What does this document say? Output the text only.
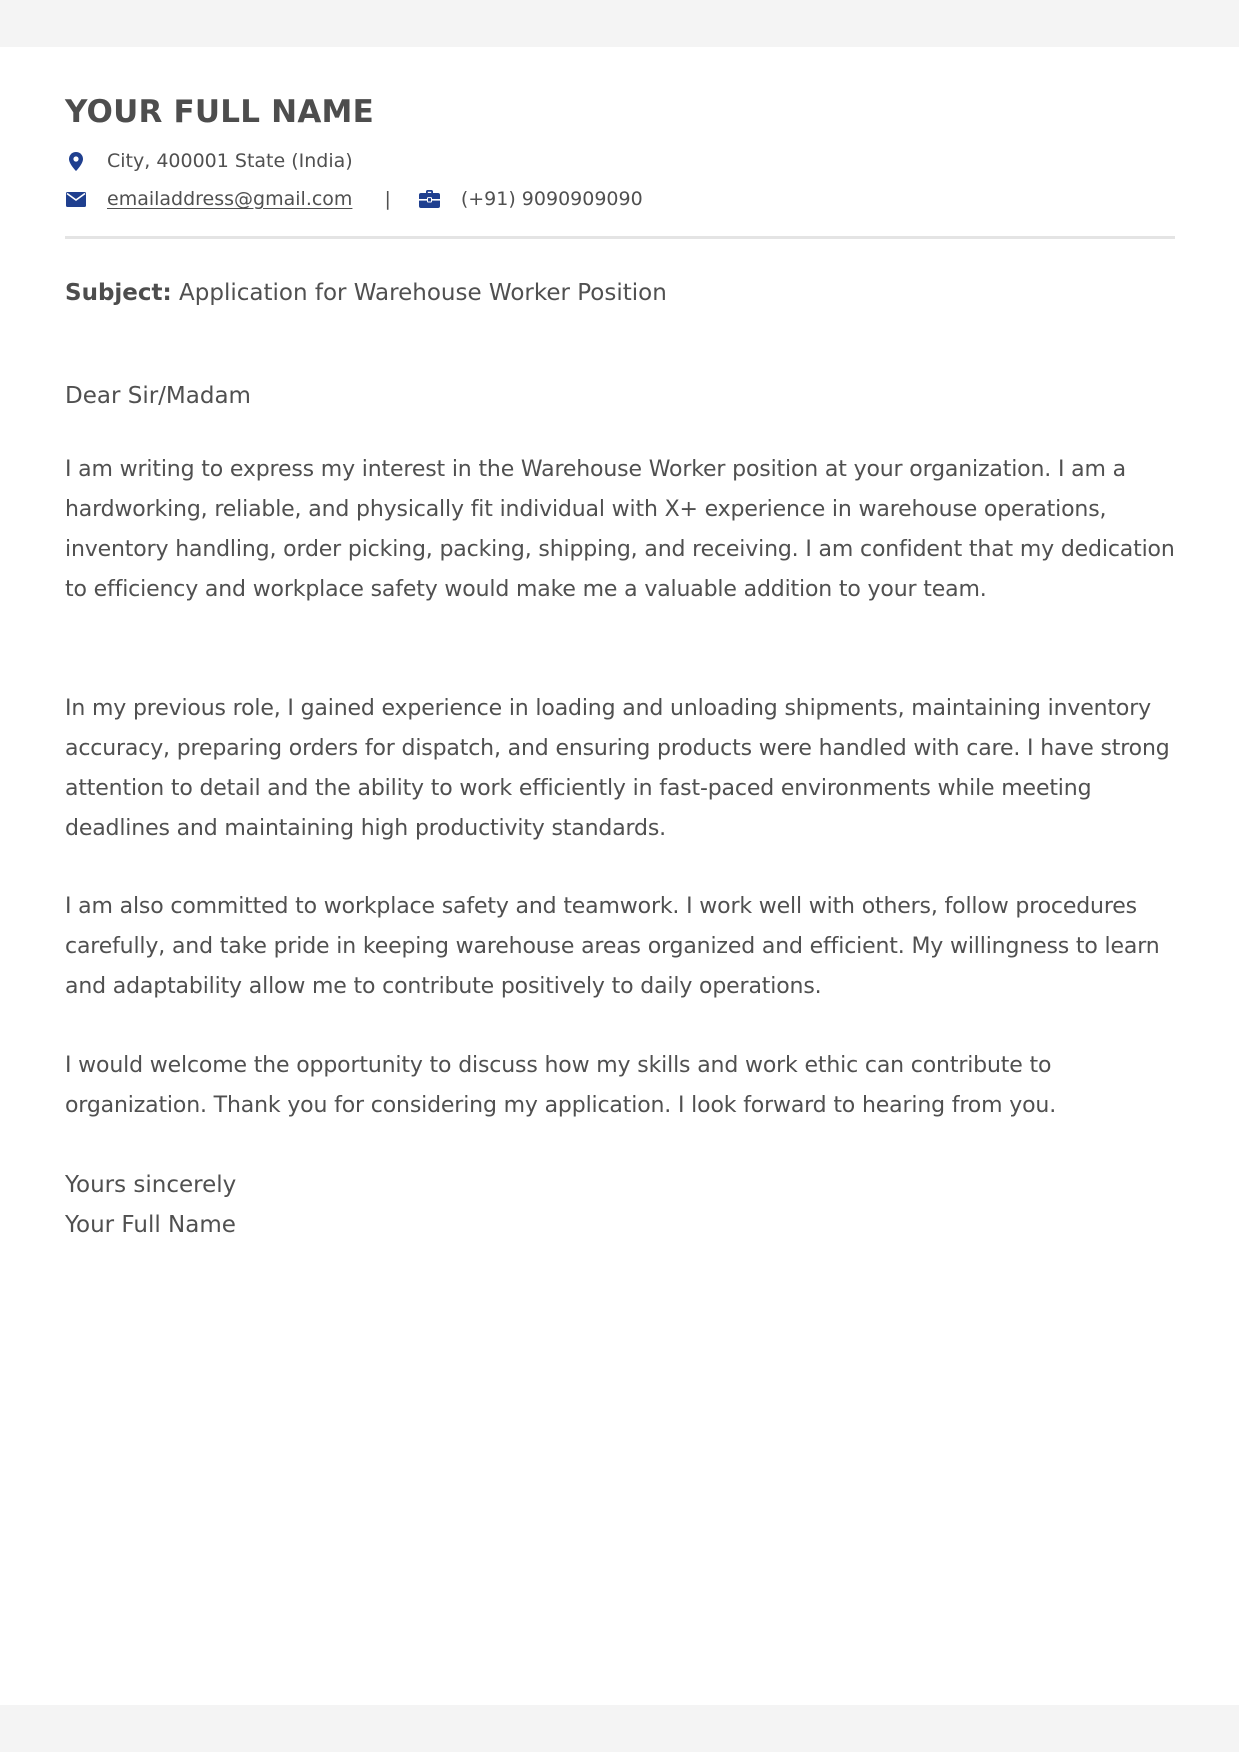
YOUR FULL NAME
City, 400001 State (India)
emailaddress@gmail.com |	(+91) 9090909090

Subject: Application for Warehouse Worker Position

Dear Sir/Madam

I am writing to express my interest in the Warehouse Worker position at your organization. I am a hardworking, reliable, and physically fit individual with X+ experience in warehouse operations, inventory handling, order picking, packing, shipping, and receiving. I am confident that my dedication to efficiency and workplace safety would make me a valuable addition to your team.

In my previous role, I gained experience in loading and unloading shipments, maintaining inventory accuracy, preparing orders for dispatch, and ensuring products were handled with care. I have strong attention to detail and the ability to work efficiently in fast-paced environments while meeting deadlines and maintaining high productivity standards.

I am also committed to workplace safety and teamwork. I work well with others, follow procedures carefully, and take pride in keeping warehouse areas organized and efficient. My willingness to learn and adaptability allow me to contribute positively to daily operations.

I would welcome the opportunity to discuss how my skills and work ethic can contribute to organization. Thank you for considering my application. I look forward to hearing from you.

Yours sincerely
Your Full Name
